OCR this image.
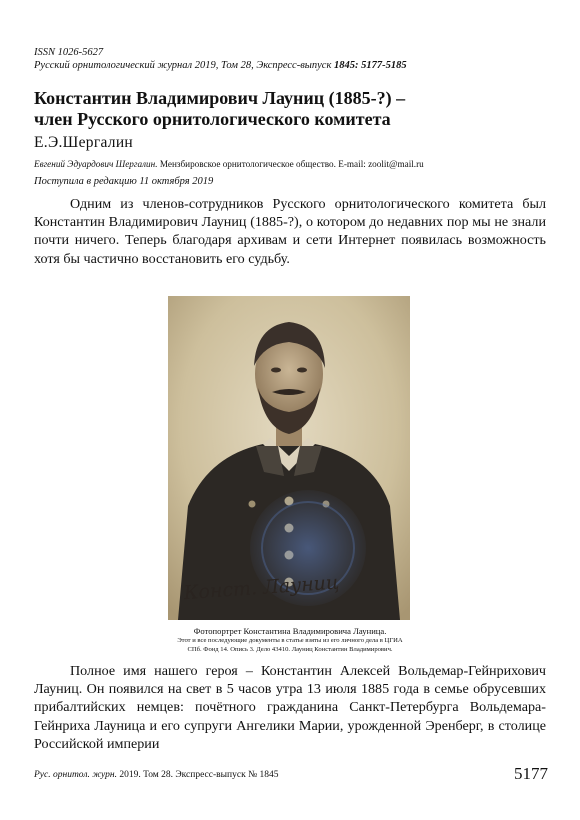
ISSN 1026-5627
Русский орнитологический журнал 2019, Том 28, Экспресс-выпуск 1845: 5177-5185
Константин Владимирович Лауниц (1885-?) –
член Русского орнитологического комитета
Е.Э.Шергалин
Евгений Эдуардович Шергалин. Мензбировское орнитологическое общество. E-mail: zoolit@mail.ru
Поступила в редакцию 11 октября 2019

Одним из членов-сотрудников Русского орнитологического комитета был Константин Владимирович Лауниц (1885-?), о котором до недавних пор мы не знали почти ничего. Теперь благодаря архивам и сети Интернет появилась возможность хотя бы частично восстановить его судьбу.

Конст. Лауниц
Фотопортрет Константина Владимировича Лауница.
Этот и все последующие документы в статье взяты из его личного дела в ЦГИА
СПб. Фонд 14. Опись 3. Дело 43410. Лауниц Константин Владимирович.

Полное имя нашего героя – Константин Алексей Вольдемар-Гейнрихович Лауниц. Он появился на свет в 5 часов утра 13 июля 1885 года в семье обрусевших прибалтийских немцев: почётного гражданина Санкт-Петербурга Вольдемара-Гейнриха Лауница и его супруги Ангелики Марии, урожденной Эренберг, в столице Российской империи

Рус. орнитол. журн. 2019. Том 28. Экспресс-выпуск № 1845	5177
